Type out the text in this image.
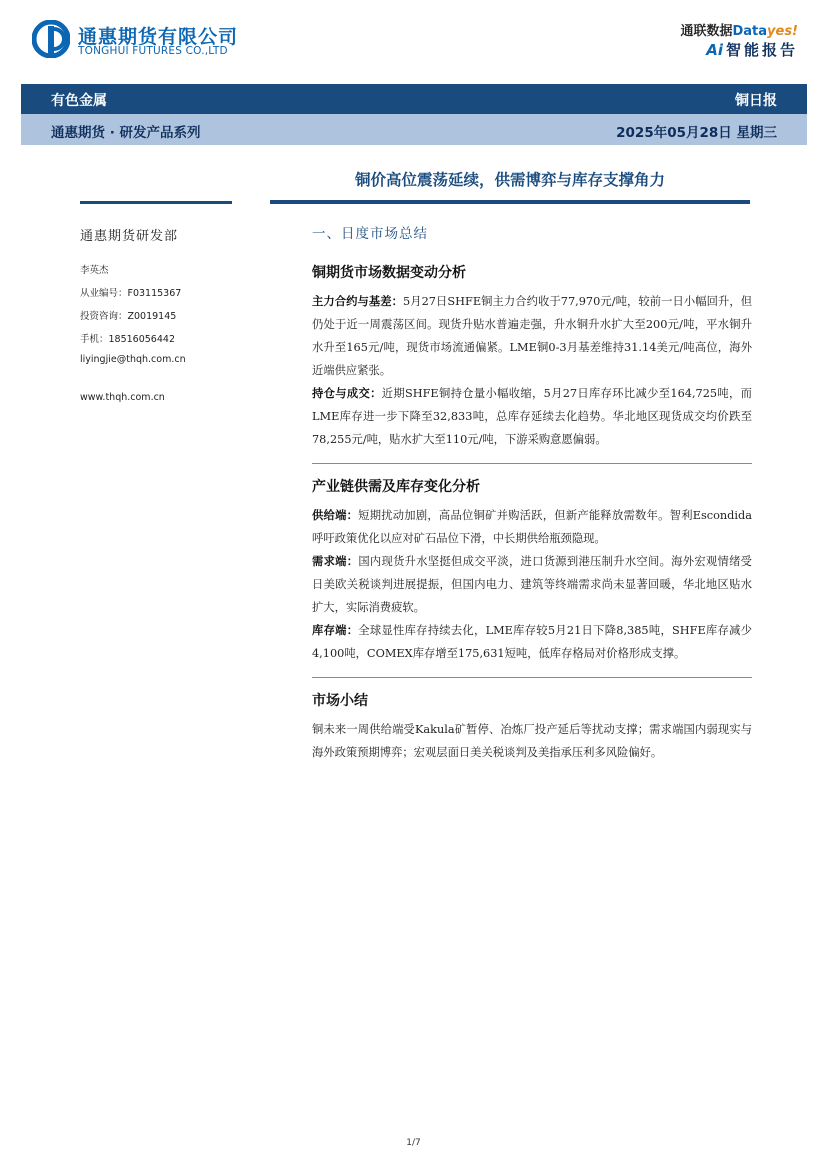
通惠期货有限公司
TONGHUI FUTURES CO.,LTD
通联数据Datayes!
Ai 智能报告
有色金属	铜日报
通惠期货 · 研发产品系列	2025年05月28日 星期三
铜价高位震荡延续，供需博弈与库存支撑角力
通惠期货研发部
李英杰
从业编号：F03115367
投资咨询：Z0019145
手机：18516056442
liyingjie@thqh.com.cn
www.thqh.com.cn
一、日度市场总结
铜期货市场数据变动分析

主力合约与基差：5月27日SHFE铜主力合约收于77,970元/吨，较前一日小幅回升，但仍处于近一周震荡区间。现货升贴水普遍走强，升水铜升水扩大至200元/吨，平水铜升水升至165元/吨，现货市场流通偏紧。LME铜0-3月基差维持31.14美元/吨高位，海外近端供应紧张。

持仓与成交：近期SHFE铜持仓量小幅收缩，5月27日库存环比减少至164,725吨，而LME库存进一步下降至32,833吨，总库存延续去化趋势。华北地区现货成交均价跌至78,255元/吨，贴水扩大至110元/吨，下游采购意愿偏弱。

产业链供需及库存变化分析

供给端：短期扰动加剧，高品位铜矿并购活跃，但新产能释放需数年。智利Escondida呼吁政策优化以应对矿石品位下滑，中长期供给瓶颈隐现。

需求端：国内现货升水坚挺但成交平淡，进口货源到港压制升水空间。海外宏观情绪受日美欧关税谈判进展提振，但国内电力、建筑等终端需求尚未显著回暖，华北地区贴水扩大，实际消费疲软。

库存端：全球显性库存持续去化，LME库存较5月21日下降8,385吨，SHFE库存减少4,100吨，COMEX库存增至175,631短吨，低库存格局对价格形成支撑。

市场小结

铜未来一周供给端受Kakula矿暂停、冶炼厂投产延后等扰动支撑；需求端国内弱现实与海外政策预期博弈；宏观层面日美关税谈判及美指承压利多风险偏好。

1/7
